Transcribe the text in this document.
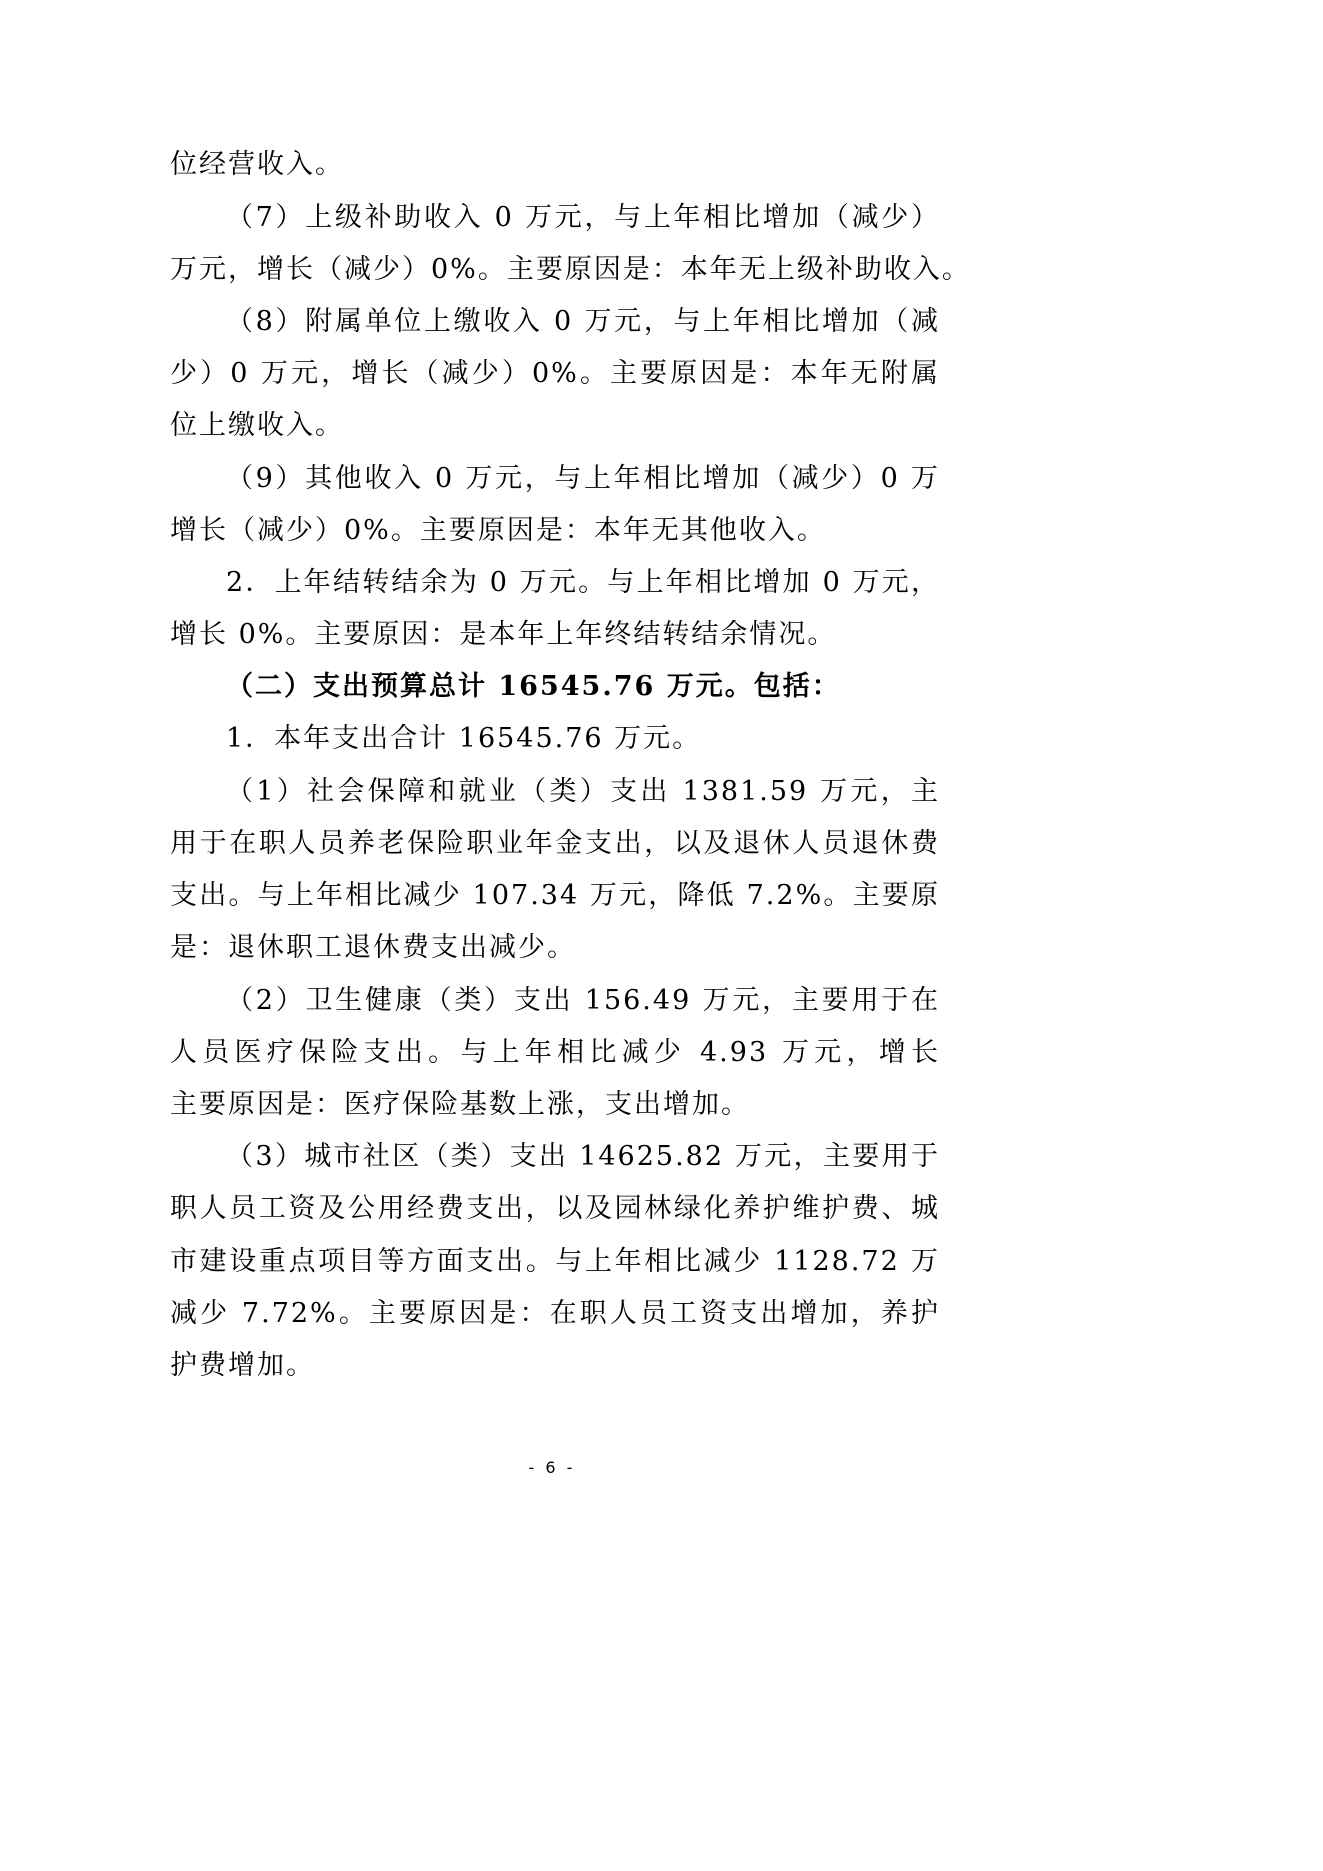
位经营收入。
（7）上级补助收入 0 万元，与上年相比增加（减少）
万元，增长（减少）0%。主要原因是：本年无上级补助收入。
（8）附属单位上缴收入 0 万元，与上年相比增加（减
少）0 万元，增长（减少）0%。主要原因是：本年无附属
位上缴收入。
（9）其他收入 0 万元，与上年相比增加（减少）0 万
增长（减少）0%。主要原因是：本年无其他收入。
2．上年结转结余为 0 万元。与上年相比增加 0 万元，
增长 0%。主要原因：是本年上年终结转结余情况。
（二）支出预算总计 16545.76 万元。包括：
1．本年支出合计 16545.76 万元。
（1）社会保障和就业（类）支出 1381.59 万元，主
用于在职人员养老保险职业年金支出，以及退休人员退休费
支出。与上年相比减少 107.34 万元，降低 7.2%。主要原
是：退休职工退休费支出减少。
（2）卫生健康（类）支出 156.49 万元，主要用于在
人员医疗保险支出。与上年相比减少 4.93 万元，增长
主要原因是：医疗保险基数上涨，支出增加。
（3）城市社区（类）支出 14625.82 万元，主要用于
职人员工资及公用经费支出，以及园林绿化养护维护费、城
市建设重点项目等方面支出。与上年相比减少 1128.72 万
减少 7.72%。主要原因是：在职人员工资支出增加，养护
护费增加。
- 6 -
